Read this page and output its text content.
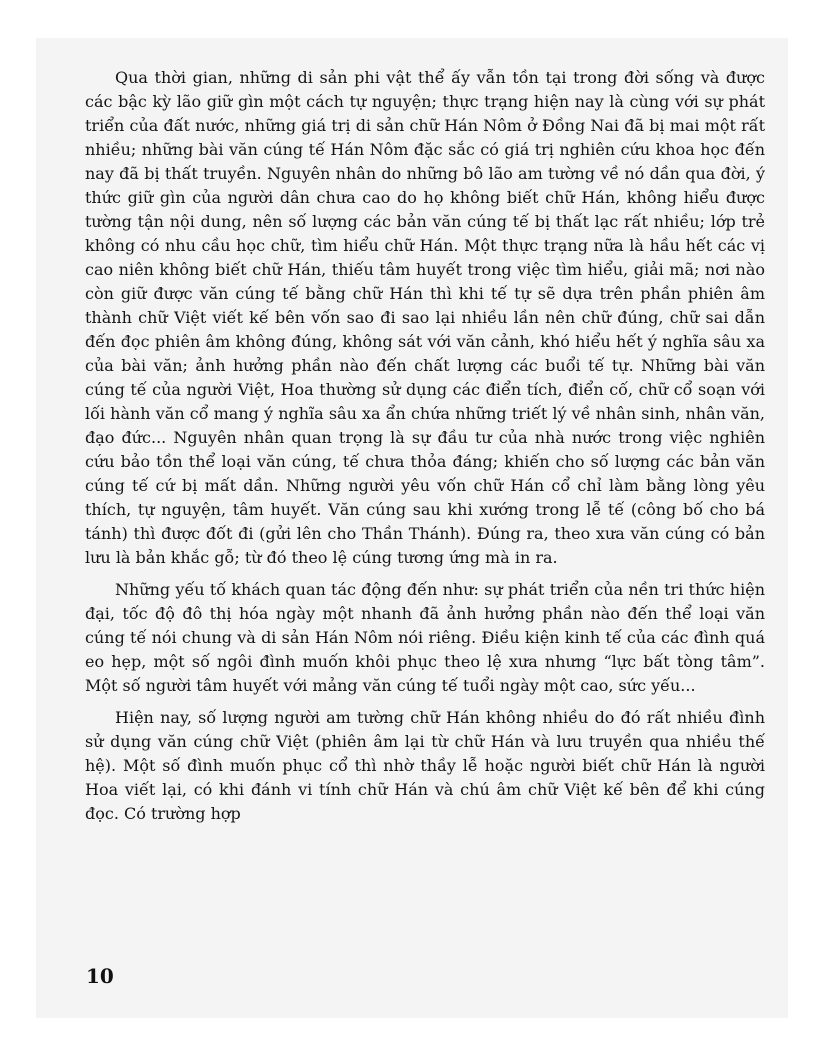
Qua thời gian, những di sản phi vật thể ấy vẫn tồn tại trong đời sống và được các bậc kỳ lão giữ gìn một cách tự nguyện; thực trạng hiện nay là cùng với sự phát triển của đất nước, những giá trị di sản chữ Hán Nôm ở Đồng Nai đã bị mai một rất nhiều; những bài văn cúng tế Hán Nôm đặc sắc có giá trị nghiên cứu khoa học đến nay đã bị thất truyền. Nguyên nhân do những bô lão am tường về nó dần qua đời, ý thức giữ gìn của người dân chưa cao do họ không biết chữ Hán, không hiểu được tường tận nội dung, nên số lượng các bản văn cúng tế bị thất lạc rất nhiều; lớp trẻ không có nhu cầu học chữ, tìm hiểu chữ Hán. Một thực trạng nữa là hầu hết các vị cao niên không biết chữ Hán, thiếu tâm huyết trong việc tìm hiểu, giải mã; nơi nào còn giữ được văn cúng tế bằng chữ Hán thì khi tế tự sẽ dựa trên phần phiên âm thành chữ Việt viết kế bên vốn sao đi sao lại nhiều lần nên chữ đúng, chữ sai dẫn đến đọc phiên âm không đúng, không sát với văn cảnh, khó hiểu hết ý nghĩa sâu xa của bài văn; ảnh hưởng phần nào đến chất lượng các buổi tế tự. Những bài văn cúng tế của người Việt, Hoa thường sử dụng các điển tích, điển cố, chữ cổ soạn với lối hành văn cổ mang ý nghĩa sâu xa ẩn chứa những triết lý về nhân sinh, nhân văn, đạo đức... Nguyên nhân quan trọng là sự đầu tư của nhà nước trong việc nghiên cứu bảo tồn thể loại văn cúng, tế chưa thỏa đáng; khiến cho số lượng các bản văn cúng tế cứ bị mất dần. Những người yêu vốn chữ Hán cổ chỉ làm bằng lòng yêu thích, tự nguyện, tâm huyết. Văn cúng sau khi xướng trong lễ tế (công bố cho bá tánh) thì được đốt đi (gửi lên cho Thần Thánh). Đúng ra, theo xưa văn cúng có bản lưu là bản khắc gỗ; từ đó theo lệ cúng tương ứng mà in ra.

Những yếu tố khách quan tác động đến như: sự phát triển của nền tri thức hiện đại, tốc độ đô thị hóa ngày một nhanh đã ảnh hưởng phần nào đến thể loại văn cúng tế nói chung và di sản Hán Nôm nói riêng. Điều kiện kinh tế của các đình quá eo hẹp, một số ngôi đình muốn khôi phục theo lệ xưa nhưng “lực bất tòng tâm”. Một số người tâm huyết với mảng văn cúng tế tuổi ngày một cao, sức yếu...

Hiện nay, số lượng người am tường chữ Hán không nhiều do đó rất nhiều đình sử dụng văn cúng chữ Việt (phiên âm lại từ chữ Hán và lưu truyền qua nhiều thế hệ). Một số đình muốn phục cổ thì nhờ thầy lễ hoặc người biết chữ Hán là người Hoa viết lại, có khi đánh vi tính chữ Hán và chú âm chữ Việt kế bên để khi cúng đọc. Có trường hợp

10
